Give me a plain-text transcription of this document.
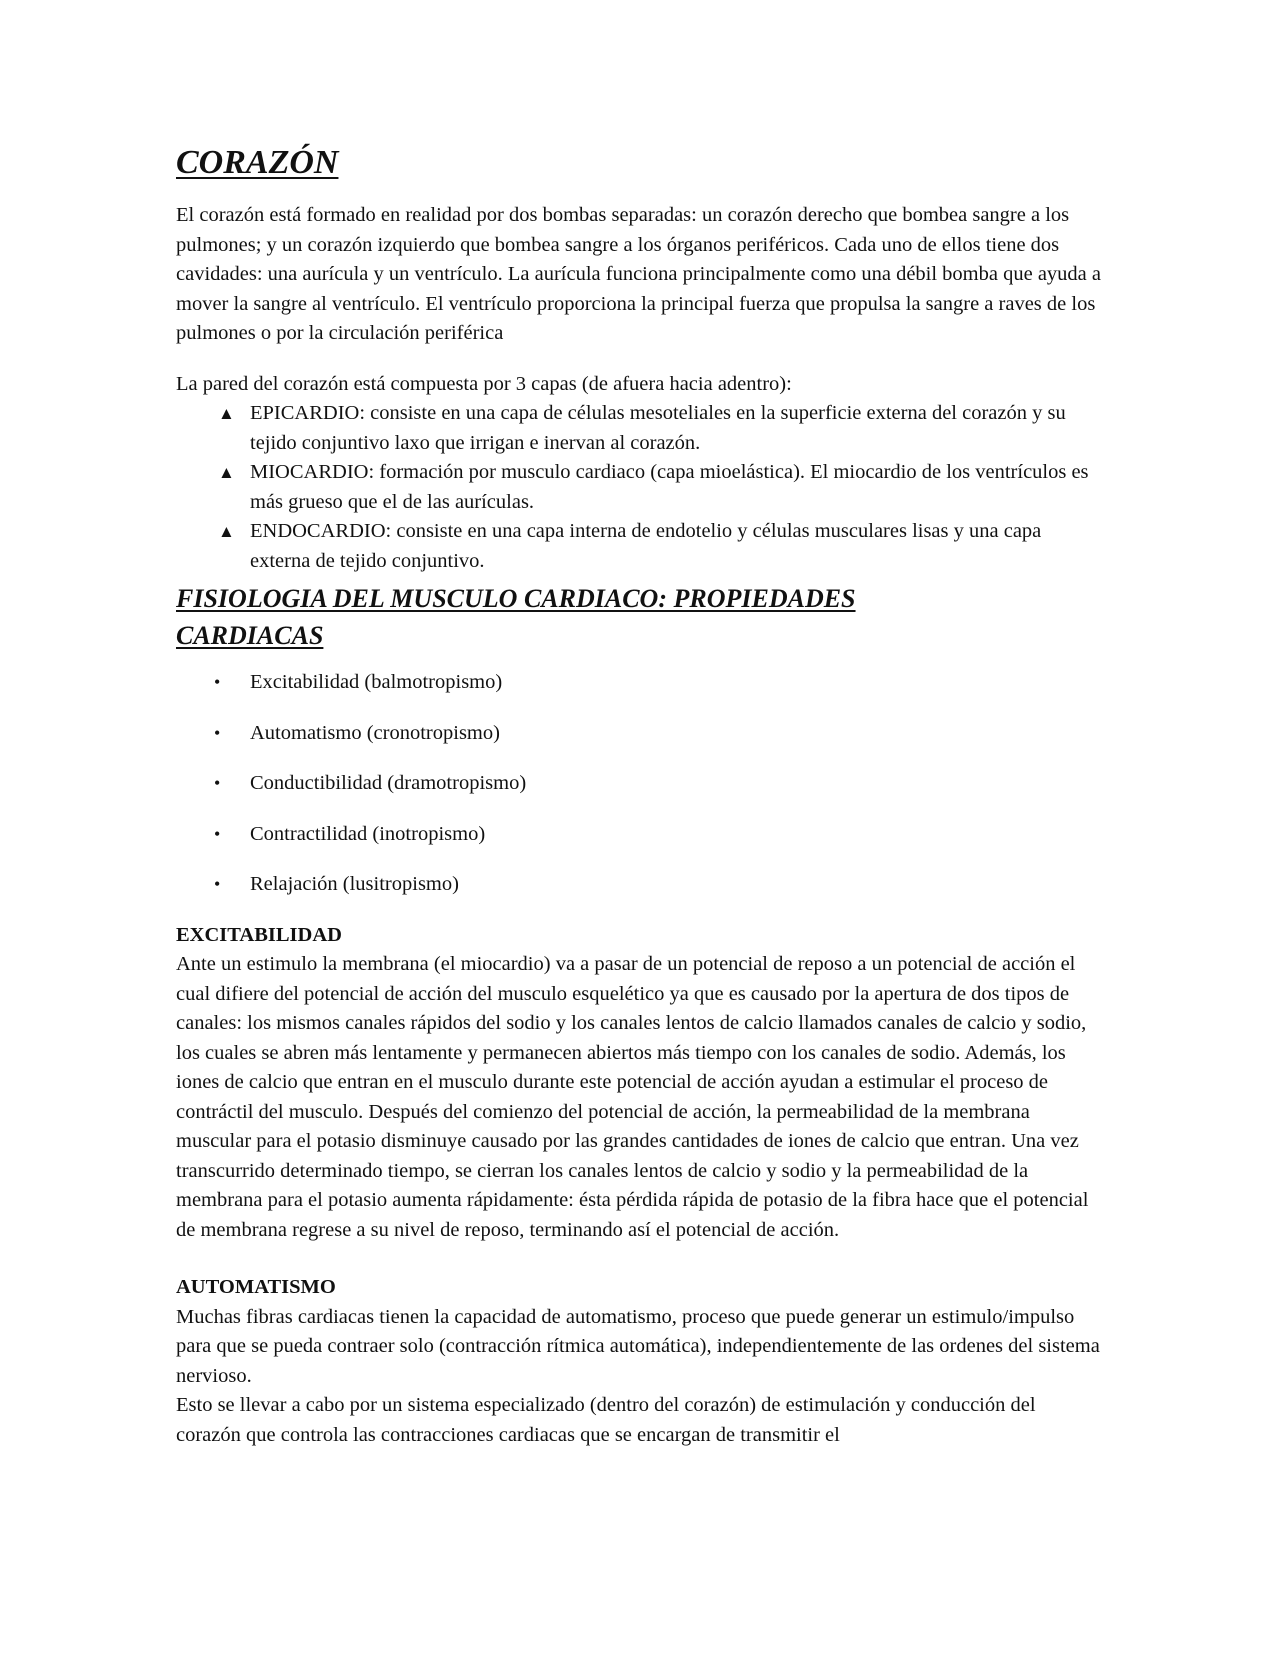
CORAZÓN

El corazón está formado en realidad por dos bombas separadas: un corazón derecho que bombea sangre a los pulmones; y un corazón izquierdo que bombea sangre a los órganos periféricos. Cada uno de ellos tiene dos cavidades: una aurícula y un ventrículo. La aurícula funciona principalmente como una débil bomba que ayuda a mover la sangre al ventrículo. El ventrículo proporciona la principal fuerza que propulsa la sangre a raves de los pulmones o por la circulación periférica

La pared del corazón está compuesta por 3 capas (de afuera hacia adentro):

▲ EPICARDIO: consiste en una capa de células mesoteliales en la superficie externa del corazón y su tejido conjuntivo laxo que irrigan e inervan al corazón.
▲ MIOCARDIO: formación por musculo cardiaco (capa mioelástica). El miocardio de los ventrículos es más grueso que el de las aurículas.
▲ ENDOCARDIO: consiste en una capa interna de endotelio y células musculares lisas y una capa externa de tejido conjuntivo.
FISIOLOGIA DEL MUSCULO CARDIACO: PROPIEDADES
CARDIACAS
• Excitabilidad (balmotropismo)
• Automatismo (cronotropismo)
• Conductibilidad (dramotropismo)
• Contractilidad (inotropismo)
• Relajación (lusitropismo)
EXCITABILIDAD

Ante un estimulo la membrana (el miocardio) va a pasar de un potencial de reposo a un potencial de acción el cual difiere del potencial de acción del musculo esquelético ya que es causado por la apertura de dos tipos de canales: los mismos canales rápidos del sodio y los canales lentos de calcio llamados canales de calcio y sodio, los cuales se abren más lentamente y permanecen abiertos más tiempo con los canales de sodio. Además, los iones de calcio que entran en el musculo durante este potencial de acción ayudan a estimular el proceso de contráctil del musculo. Después del comienzo del potencial de acción, la permeabilidad de la membrana muscular para el potasio disminuye causado por las grandes cantidades de iones de calcio que entran. Una vez transcurrido determinado tiempo, se cierran los canales lentos de calcio y sodio y la permeabilidad de la membrana para el potasio aumenta rápidamente: ésta pérdida rápida de potasio de la fibra hace que el potencial de membrana regrese a su nivel de reposo, terminando así el potencial de acción.

AUTOMATISMO

Muchas fibras cardiacas tienen la capacidad de automatismo, proceso que puede generar un estimulo/impulso para que se pueda contraer solo (contracción rítmica automática), independientemente de las ordenes del sistema nervioso.

Esto se llevar a cabo por un sistema especializado (dentro del corazón) de estimulación y conducción del corazón que controla las contracciones cardiacas que se encargan de transmitir el
